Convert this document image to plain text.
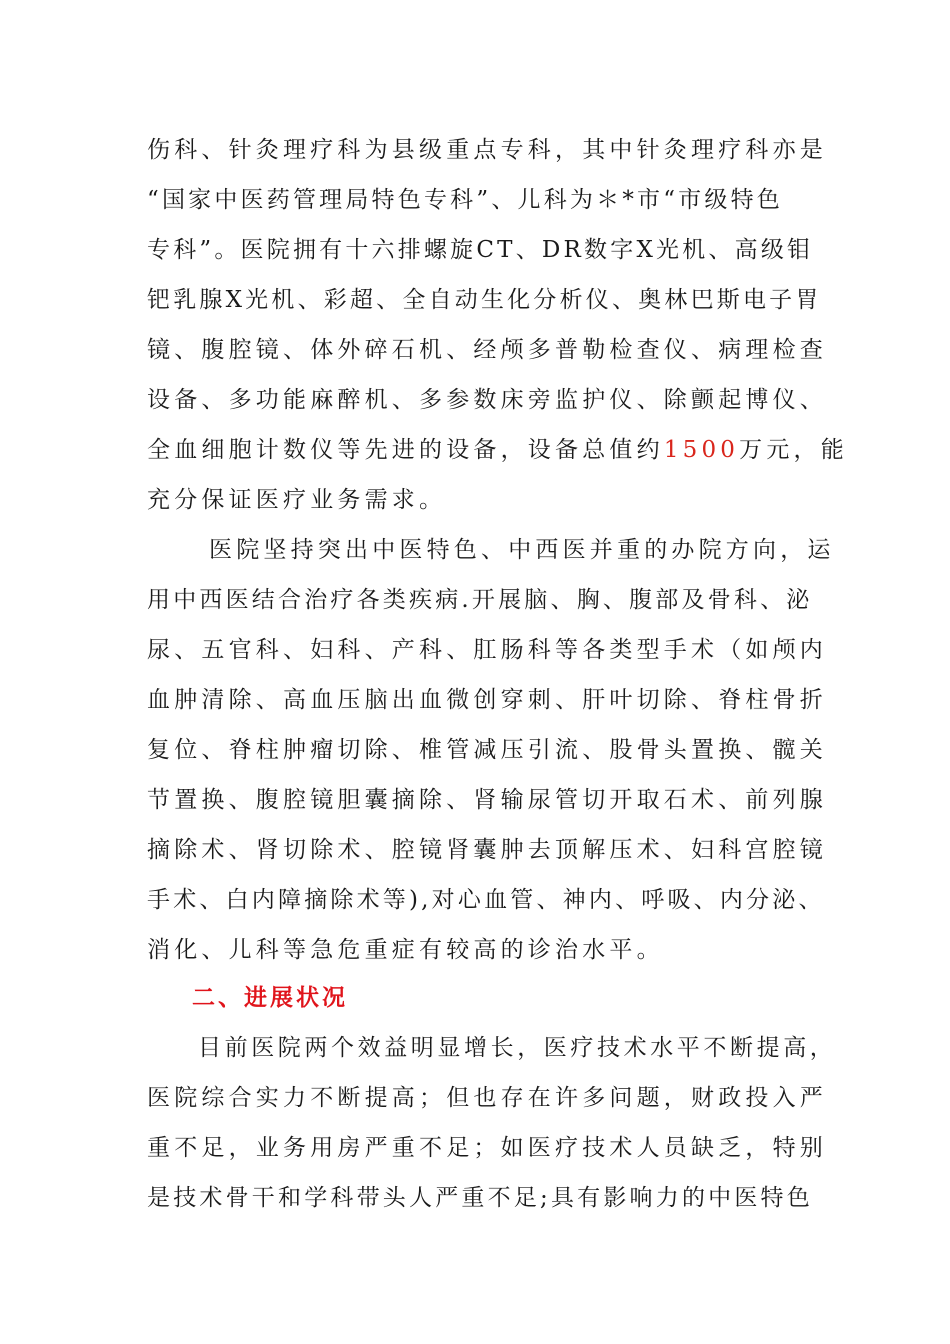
伤科、针灸理疗科为县级重点专科，其中针灸理疗科亦是
“国家中医药管理局特色专科”、儿科为＊*市“市级特色
专科”。医院拥有十六排螺旋CT、DR数字X光机、高级钼
钯乳腺X光机、彩超、全自动生化分析仪、奥林巴斯电子胃
镜、腹腔镜、体外碎石机、经颅多普勒检查仪、病理检查
设备、多功能麻醉机、多参数床旁监护仪、除颤起博仪、
全血细胞计数仪等先进的设备，设备总值约1500万元，能
充分保证医疗业务需求。
医院坚持突出中医特色、中西医并重的办院方向，运
用中西医结合治疗各类疾病.开展脑、胸、腹部及骨科、泌
尿、五官科、妇科、产科、肛肠科等各类型手术（如颅内
血肿清除、高血压脑出血微创穿刺、肝叶切除、脊柱骨折
复位、脊柱肿瘤切除、椎管减压引流、股骨头置换、髋关
节置换、腹腔镜胆囊摘除、肾输尿管切开取石术、前列腺
摘除术、肾切除术、腔镜肾囊肿去顶解压术、妇科宫腔镜
手术、白内障摘除术等),对心血管、神内、呼吸、内分泌、
消化、儿科等急危重症有较高的诊治水平。
二、进展状况
目前医院两个效益明显增长，医疗技术水平不断提高，
医院综合实力不断提高；但也存在许多问题，财政投入严
重不足，业务用房严重不足；如医疗技术人员缺乏，特别
是技术骨干和学科带头人严重不足;具有影响力的中医特色
